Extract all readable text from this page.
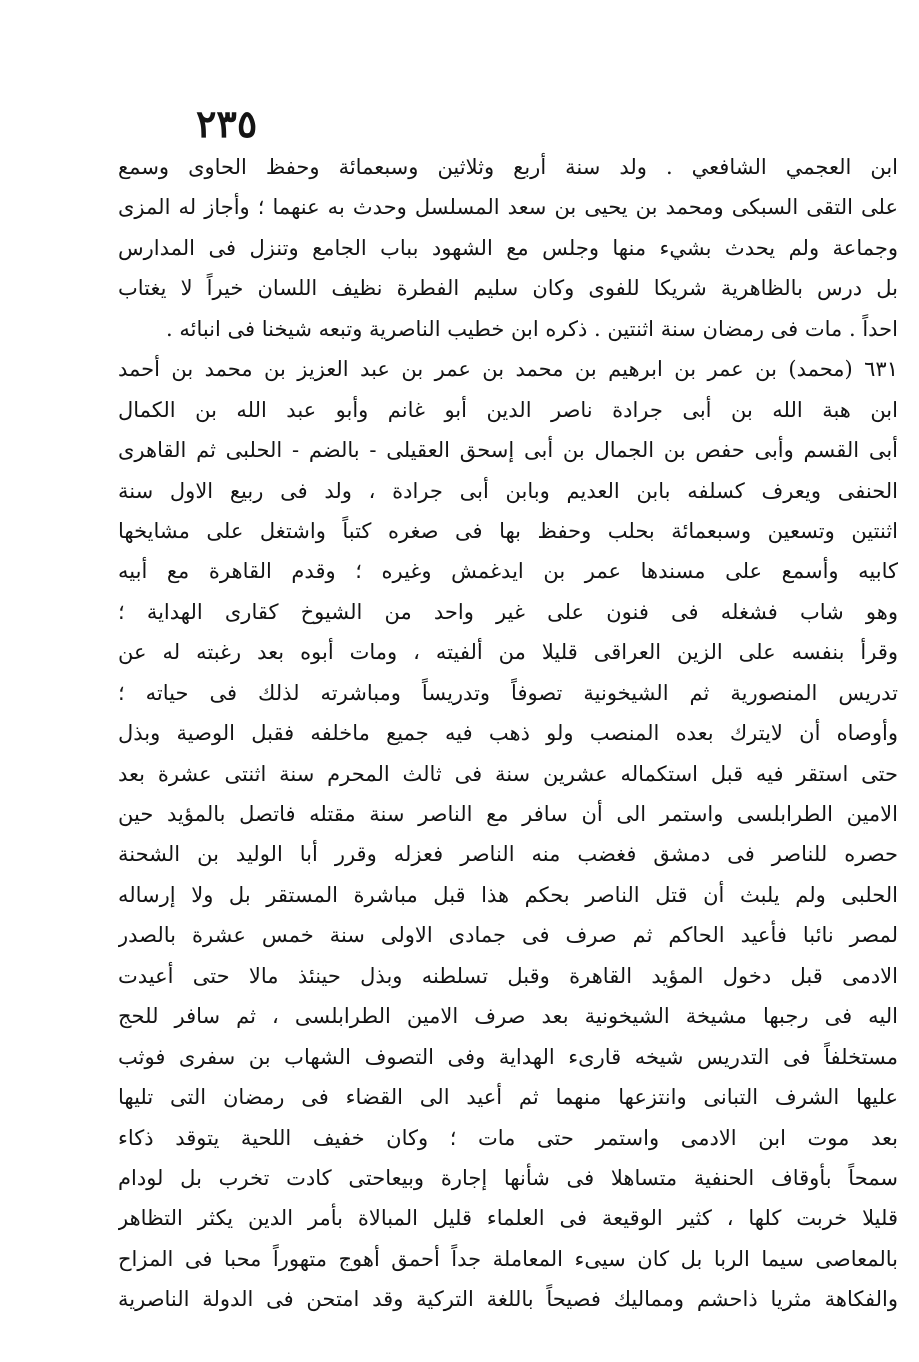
٢٣٥
ابن العجمي الشافعي . ولد سنة أربع وثلاثين وسبعمائة وحفظ الحاوى وسمع
على التقى السبكى ومحمد بن يحيى بن سعد المسلسل وحدث به عنهما ؛ وأجاز له المزى
وجماعة ولم يحدث بشيء منها وجلس مع الشهود بباب الجامع وتنزل فى المدارس
بل درس بالظاهرية شريكا للفوى وكان سليم الفطرة نظيف اللسان خيراً لا يغتاب
احداً . مات فى رمضان سنة اثنتين . ذكره ابن خطيب الناصرية وتبعه شيخنا فى انبائه .
٦٣١ (محمد) بن عمر بن ابرهيم بن محمد بن عمر بن عبد العزيز بن محمد بن أحمد
ابن هبة الله بن أبى جرادة ناصر الدين أبو غانم وأبو عبد الله بن الكمال
أبى القسم وأبى حفص بن الجمال بن أبى إسحق العقيلى - بالضم - الحلبى ثم القاهرى
الحنفى ويعرف كسلفه بابن العديم وبابن أبى جرادة ، ولد فى ربيع الاول سنة
اثنتين وتسعين وسبعمائة بحلب وحفظ بها فى صغره كتباً واشتغل على مشايخها
كابيه وأسمع على مسندها عمر بن ايدغمش وغيره ؛ وقدم القاهرة مع أبيه
وهو شاب فشغله فى فنون على غير واحد من الشيوخ كقارى الهداية ؛
وقرأ بنفسه على الزين العراقى قليلا من ألفيته ، ومات أبوه بعد رغبته له عن
تدريس المنصورية ثم الشيخونية تصوفاً وتدريساً ومباشرته لذلك فى حياته ؛
وأوصاه أن لايترك بعده المنصب ولو ذهب فيه جميع ماخلفه فقبل الوصية وبذل
حتى استقر فيه قبل استكماله عشرين سنة فى ثالث المحرم سنة اثنتى عشرة بعد
الامين الطرابلسى واستمر الى أن سافر مع الناصر سنة مقتله فاتصل بالمؤيد حين
حصره للناصر فى دمشق فغضب منه الناصر فعزله وقرر أبا الوليد بن الشحنة
الحلبى ولم يلبث أن قتل الناصر بحكم هذا قبل مباشرة المستقر بل ولا إرساله
لمصر نائبا فأعيد الحاكم ثم صرف فى جمادى الاولى سنة خمس عشرة بالصدر
الادمى قبل دخول المؤيد القاهرة وقبل تسلطنه وبذل حينئذ مالا حتى أعيدت
اليه فى رجبها مشيخة الشيخونية بعد صرف الامين الطرابلسى ، ثم سافر للحج
مستخلفاً فى التدريس شيخه قارىء الهداية وفى التصوف الشهاب بن سفرى فوثب
عليها الشرف التبانى وانتزعها منهما ثم أعيد الى القضاء فى رمضان التى تليها
بعد موت ابن الادمى واستمر حتى مات ؛ وكان خفيف اللحية يتوقد ذكاء
سمحاً بأوقاف الحنفية متساهلا فى شأنها إجارة وبيعاحتى كادت تخرب بل لودام
قليلا خربت كلها ، كثير الوقيعة فى العلماء قليل المبالاة بأمر الدين يكثر التظاهر
بالمعاصى سيما الربا بل كان سيىء المعاملة جداً أحمق أهوج متهوراً محبا فى المزاح
والفكاهة مثريا ذاحشم ومماليك فصيحاً باللغة التركية وقد امتحن فى الدولة الناصرية
